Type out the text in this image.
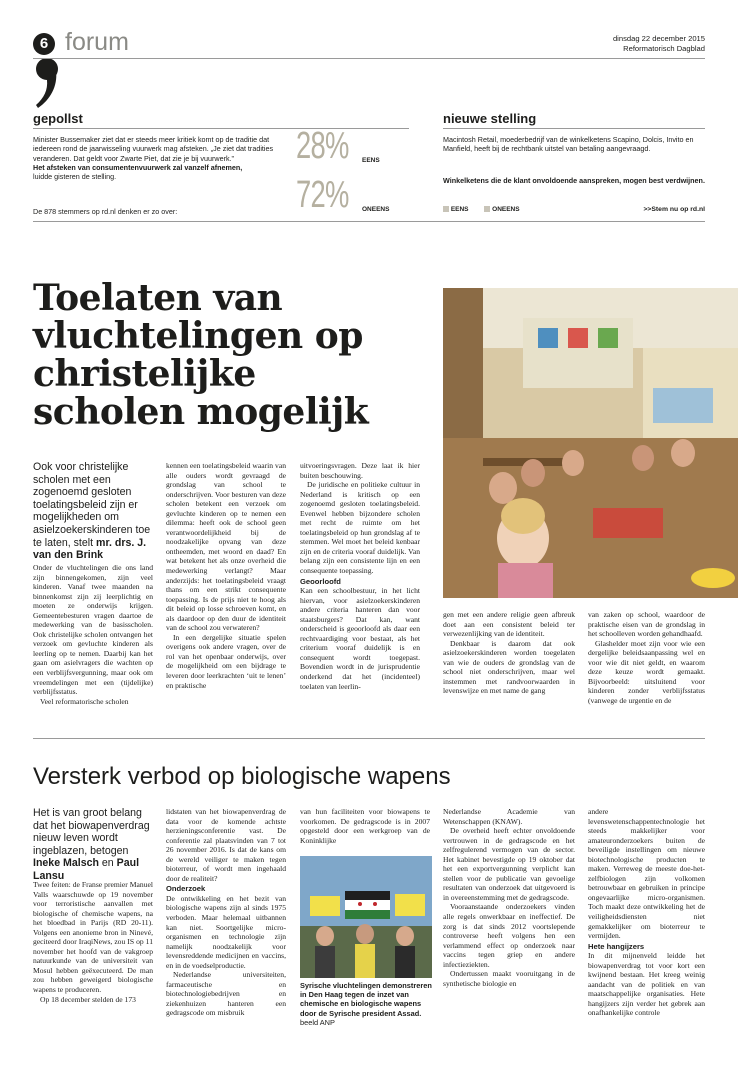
6 forum	dinsdag 22 december 2015
Reformatorisch Dagblad
gepollst
Minister Bussemaker ziet dat er steeds meer kritiek komt op de traditie dat iedereen rond de jaarwisseling vuurwerk mag afsteken. „Je ziet dat tradities veranderen. Dat geldt voor Zwarte Piet, dat zie je bij vuurwerk.”
Het afsteken van consumentenvuurwerk zal vanzelf afnemen,
luidde gisteren de stelling.
De 878 stemmers op rd.nl denken er zo over:
28% EENS
72% ONEENS
nieuwe stelling
Macintosh Retail, moederbedrijf van de winkelketens Scapino, Dolcis, Invito en Manfield, heeft bij de rechtbank uitstel van betaling aangevraagd.
Winkelketens die de klant onvoldoende aanspreken, mogen best verdwijnen.
EENS	ONEENS	>>Stem nu op rd.nl
Toelaten van vluchtelingen op christelijke scholen mogelijk
Ook voor christelijke scholen met een zogenoemd gesloten toelatingsbeleid zijn er mogelijkheden om asielzoekerskinderen toe te laten, stelt mr. drs. J. van den Brink

Onder de vluchtelingen die ons land zijn binnengekomen, zijn veel kinderen. Vanaf twee maanden na binnenkomst zijn zij leerplichtig en moeten ze onderwijs krijgen. Gemeentebesturen vragen daartoe de medewerking van de basisscholen. Ook christelijke scholen ontvangen het verzoek om gevluchte kinderen als leerling op te nemen. Daarbij kan het gaan om asielvragers die wachten op een verblijfsvergunning, maar ook om vreemdelingen met een (tijdelijke) verblijfsstatus.

Veel reformatorische scholen

kennen een toelatingsbeleid waarin van alle ouders wordt gevraagd de grondslag van school te onderschrijven. Voor besturen van deze scholen betekent een verzoek om gevluchte kinderen op te nemen een dilemma: heeft ook de school geen verantwoordelijkheid bij de noodzakelijke opvang van deze ontheemden, met woord en daad? En wat betekent het als onze overheid die medewerking verlangt? Maar anderzijds: het toelatingsbeleid vraagt thans om een strikt consequente toepassing. Is de prijs niet te hoog als dit beleid op losse schroeven komt, en als daardoor op den duur de identiteit van de school zou verwateren?

In een dergelijke situatie spelen overigens ook andere vragen, over de rol van het openbaar onderwijs, over de mogelijkheid om een bijdrage te leveren door leerkrachten ‘uit te lenen’ en praktische

uitvoeringsvragen. Deze laat ik hier buiten beschouwing.

De juridische en politieke cultuur in Nederland is kritisch op een zogenoemd gesloten toelatingsbeleid. Evenwel hebben bijzondere scholen met recht de ruimte om het toelatingsbeleid op hun grondslag af te stemmen. Wel moet het beleid kenbaar zijn en de criteria vooraf duidelijk. Van belang zijn een consistente lijn en een consequente toepassing.

Geoorloofd

Kan een schoolbestuur, in het licht hiervan, voor asielzoekerskinderen andere criteria hanteren dan voor staatsburgers? Dat kan, want onderscheid is geoorloofd als daar een rechtvaardiging voor bestaat, als het criterium vooraf duidelijk is en consequent wordt toegepast. Bovendien wordt in de jurisprudentie onderkend dat het (incidenteel) toelaten van leerlin-

gen met een andere religie geen afbreuk doet aan een consistent beleid ter verwezenlijking van de identiteit.

Denkbaar is daarom dat ook asielzoekerskinderen worden toegelaten van wie de ouders de grondslag van de school niet onderschrijven, maar wel instemmen met randvoorwaarden in levenswijze en met name de gang

van zaken op school, waardoor de praktische eisen van de grondslag in het schoolleven worden gehandhaafd.

Glashelder moet zijn voor wie een dergelijke beleidsaanpassing wel en voor wie dit niet geldt, en waarom deze keuze wordt gemaakt. Bijvoorbeeld: uitsluitend voor kinderen zonder verblijfsstatus (vanwege de urgentie en de

Versterk verbod op biologische wapens
Het is van groot belang dat het biowapenverdrag nieuw leven wordt ingeblazen, betogen Ineke Malsch en Paul Lansu

Twee feiten: de Franse premier Manuel Valls waarschuwde op 19 november voor terroristische aanvallen met biologische of chemische wapens, na het bloedbad in Parijs (RD 20-11). Volgens een anonieme bron in Ninevé, geciteerd door IraqiNews, zou IS op 11 november het hoofd van de vakgroep natuurkunde van de universiteit van Mosul hebben geëxecuteerd. De man zou hebben geweigerd biologische wapens te produceren.

Op 18 december stelden de 173

lidstaten van het biowapenverdrag de data voor de komende achtste herzieningsconferentie vast. De conferentie zal plaatsvinden van 7 tot 26 november 2016. Is dat de kans om de wereld veiliger te maken tegen bioterreur, of wordt men ingehaald door de realiteit?

Onderzoek

De ontwikkeling en het bezit van biologische wapens zijn al sinds 1975 verboden. Maar helemaal uitbannen kan niet. Soortgelijke micro-organismen en technologie zijn namelijk noodzakelijk voor levensreddende medicijnen en vaccins, en in de voedselproductie.

Nederlandse universiteiten, farmaceutische en biotechnologiebedrijven en ziekenhuizen hanteren een gedragscode om misbruik

van hun faciliteiten voor biowapens te voorkomen. De gedragscode is in 2007 opgesteld door een werkgroep van de Koninklijke

Syrische vluchtelingen demonstreren in Den Haag tegen de inzet van chemische en biologische wapens door de Syrische president Assad. beeld ANP

Nederlandse Academie van Wetenschappen (KNAW).

De overheid heeft echter onvoldoende vertrouwen in de gedragscode en het zelfregulerend vermogen van de sector. Het kabinet bevestigde op 19 oktober dat het een exportvergunning verplicht kan stellen voor de publicatie van gevoelige resultaten van onderzoek dat uitgevoerd is in overeenstemming met de gedragscode.

Vooraanstaande onderzoekers vinden alle regels onwerkbaar en ineffectief. De zorg is dat sinds 2012 voortslepende controverse heeft volgens hen een verlammend effect op onderzoek naar vaccins tegen griep en andere infectieziekten.

Ondertussen maakt vooruitgang in de synthetische biologie en

andere levenswetenschappentechnologie het steeds makkelijker voor amateuronderzoekers buiten de beveiligde instellingen om nieuwe biotechnologische producten te maken. Verreweg de meeste doe-het-zelfbiologen zijn volkomen betrouwbaar en gebruiken in principe ongevaarlijke micro-organismen. Toch maakt deze ontwikkeling het de veiligheidsdiensten niet gemakkelijker om bioterreur te vermijden.

Hete hangijzers

In dit mijnenveld leidde het biowapenverdrag tot voor kort een kwijnend bestaan. Het kreeg weinig aandacht van de politiek en van maatschappelijke organisaties. Hete hangijzers zijn verder het gebrek aan onafhankelijke controle
